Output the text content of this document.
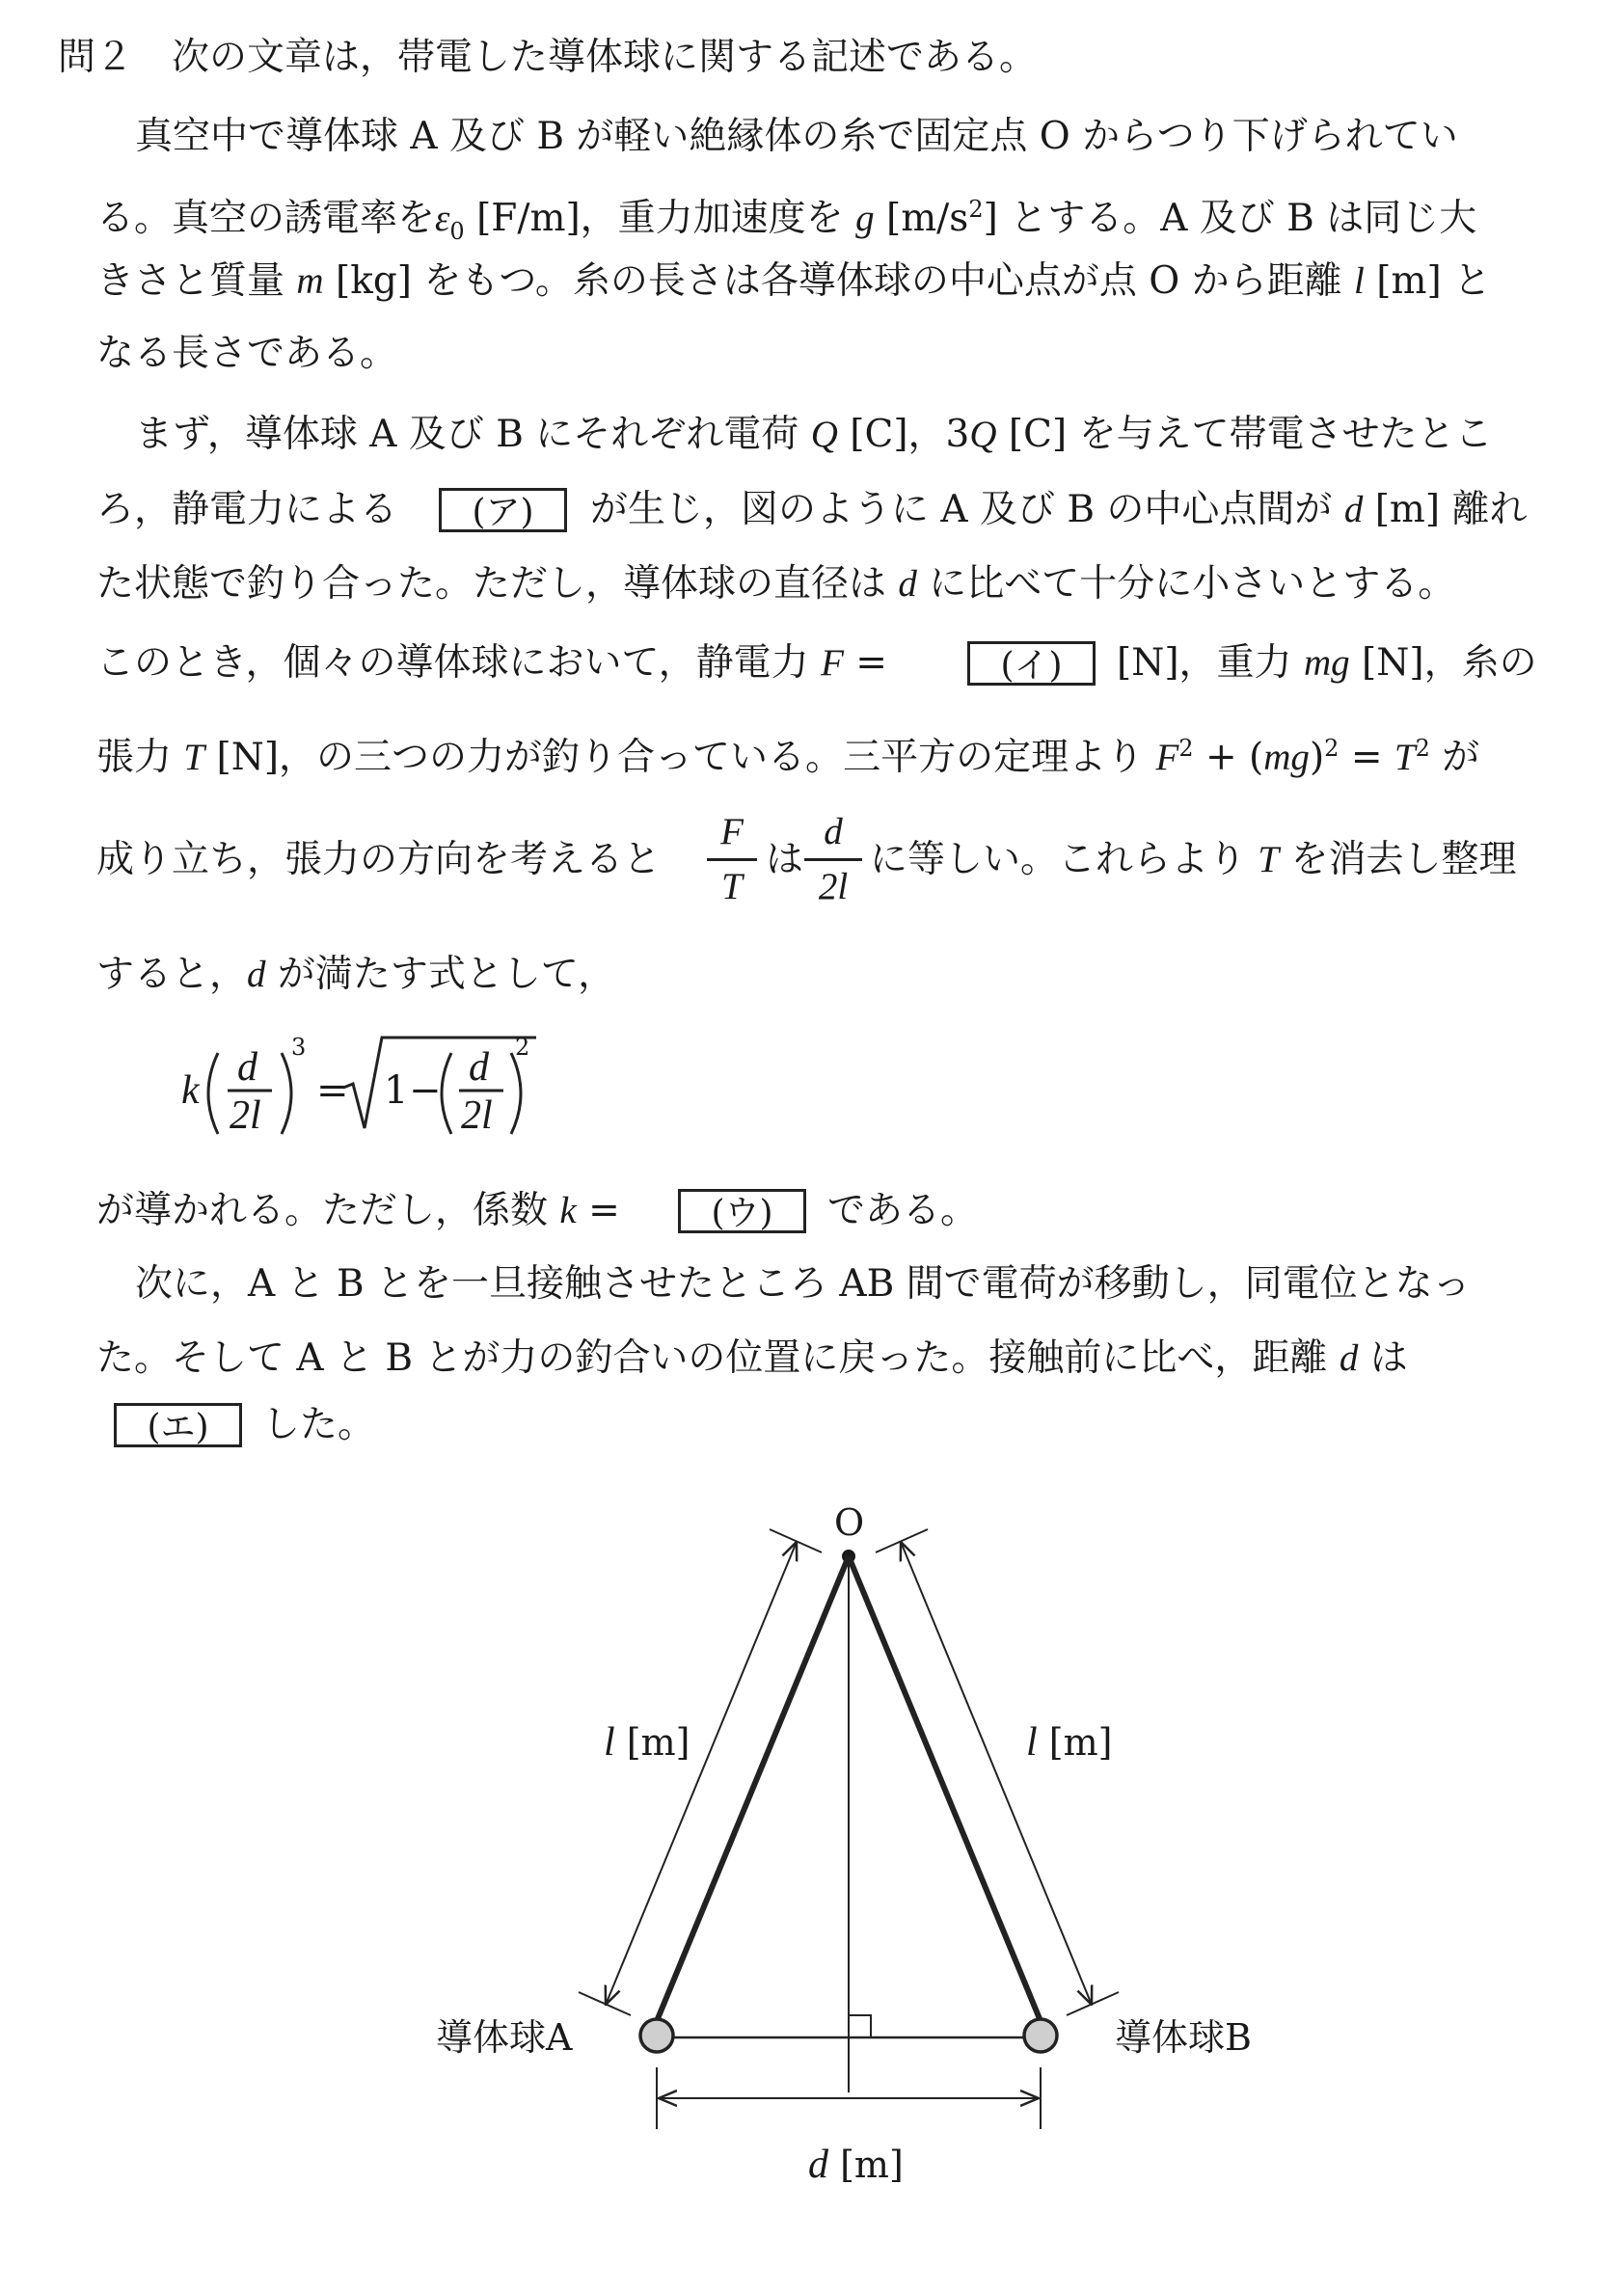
問２ 次の文章は，帯電した導体球に関する記述である。
真空中で導体球 A 及び B が軽い絶縁体の糸で固定点 O からつり下げられてい
る。真空の誘電率を$\varepsilon_0$ [F/m]，重力加速度を g $[m/s^2]$ とする。A 及び B は同じ大
きさと質量 m [kg] をもつ。糸の長さは各導体球の中心点が点 O から距離 l [m] と
なる長さである。
まず，導体球 A 及び B にそれぞれ電荷 Q [C]，3Q [C] を与えて帯電させたとこ
ろ，静電力による	(ア)	が生じ，図のように A 及び B の中心点間が d [m] 離れ
た状態で釣り合った。ただし，導体球の直径は d に比べて十分に小さいとする。
このとき，個々の導体球において，静電力 F =	(イ)	[N]，重力 mg [N]，糸の
張力 T [N]，の三つの力が釣り合っている。三平方の定理より $F^2 + (mg)^2 = T^2$ が
成り立ち，張力の方向を考えると
F
T
は
d
2l
に等しい。これらより T を消去し整理
すると，d が満たす式として，
k
d
2l
3
= 1 −
d
2l
2
が導かれる。ただし，係数 k =	(ウ)	である。
次に，A と B とを一旦接触させたところ AB 間で電荷が移動し，同電位となっ
た。そして A と B とが力の釣合いの位置に戻った。接触前に比べ，距離 d は
(エ)	した。
O
l [m]	l [m]
導体球A	導体球B
d [m]
